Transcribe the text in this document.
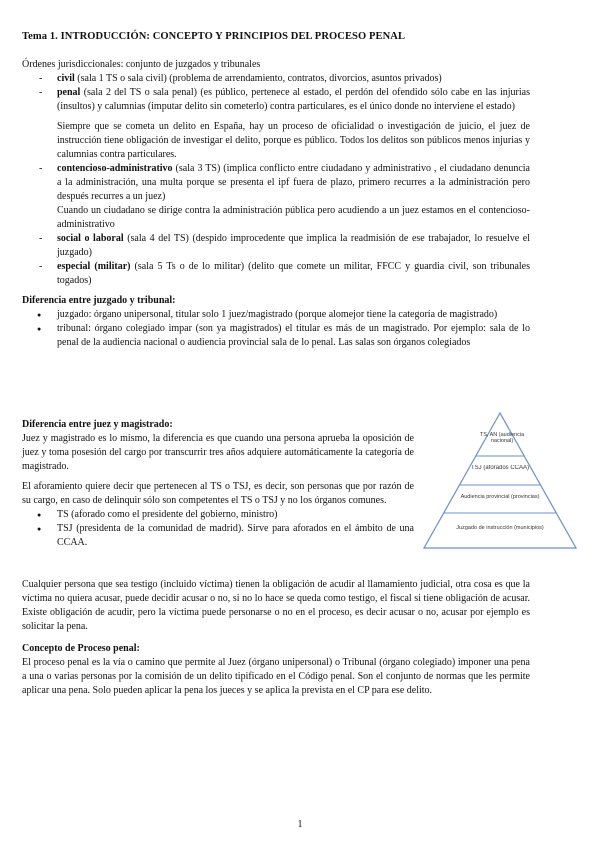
Tema 1. INTRODUCCIÓN: CONCEPTO Y PRINCIPIOS DEL PROCESO PENAL

Órdenes jurisdiccionales: conjunto de juzgados y tribunales

- civil (sala 1 TS o sala civil) (problema de arrendamiento, contratos, divorcios, asuntos privados)
- penal (sala 2 del TS o sala penal) (es público, pertenece al estado, el perdón del ofendido sólo cabe en las injurias (insultos) y calumnias (imputar delito sin cometerlo) contra particulares, es el único donde no interviene el estado)

Siempre que se cometa un delito en España, hay un proceso de oficialidad o investigación de juicio, el juez de instrucción tiene obligación de investigar el delito, porque es público. Todos los delitos son públicos menos injurias y calumnias contra particulares.

- contencioso-administrativo (sala 3 TS) (implica conflicto entre ciudadano y administrativo , el ciudadano denuncia a la administración, una multa porque se presenta el ipf fuera de plazo, primero recurres a la administración pero después recurres a un juez)

Cuando un ciudadano se dirige contra la administración pública pero acudiendo a un juez estamos en el contencioso-administrativo

- social o laboral (sala 4 del TS) (despido improcedente que implica la readmisión de ese trabajador, lo resuelve el juzgado)
- especial (militar) (sala 5 Ts o de lo militar) (delito que comete un militar, FFCC y guardia civil, son tribunales togados)

Diferencia entre juzgado y tribunal:

● juzgado: órgano unipersonal, titular solo 1 juez/magistrado (porque alomejor tiene la categoría de magistrado)
● tribunal: órgano colegiado impar (son ya magistrados) el titular es más de un magistrado. Por ejemplo: sala de lo penal de la audiencia nacional o audiencia provincial sala de lo penal. Las salas son órganos colegiados

Diferencia entre juez y magistrado:

Juez y magistrado es lo mismo, la diferencia es que cuando una persona aprueba la oposición de juez y toma posesión del cargo por transcurrir tres años adquiere automáticamente la categoría de magistrado.

El aforamiento quiere decir que pertenecen al TS o TSJ, es decir, son personas que por razón de su cargo, en caso de delinquir sólo son competentes el TS o TSJ y no los órganos comunes.

● TS (aforado como el presidente del gobierno, ministro)
● TSJ (presidenta de la comunidad de madrid). Sirve para aforados en el ámbito de una CCAA.
TS, AN (audiencia nacional)
TSJ (aforados CCAA)
Audiencia provincial (provincias)
Juzgado de instrucción (municipios)

Cualquier persona que sea testigo (incluido víctima) tienen la obligación de acudir al llamamiento judicial, otra cosa es que la víctima no quiera acusar, puede decidir acusar o no, si no lo hace se queda como testigo, el fiscal si tiene obligación de acusar. Existe obligación de acudir, pero la víctima puede personarse o no en el proceso, es decir acusar o no, acusar por ejemplo es solicitar la pena.

Concepto de Proceso penal:

El proceso penal es la vía o camino que permite al Juez (órgano unipersonal) o Tribunal (órgano colegiado) imponer una pena a una o varias personas por la comisión de un delito tipificado en el Código penal. Son el conjunto de normas que les permite aplicar una pena. Solo pueden aplicar la pena los jueces y se aplica la prevista en el CP para ese delito.

1
